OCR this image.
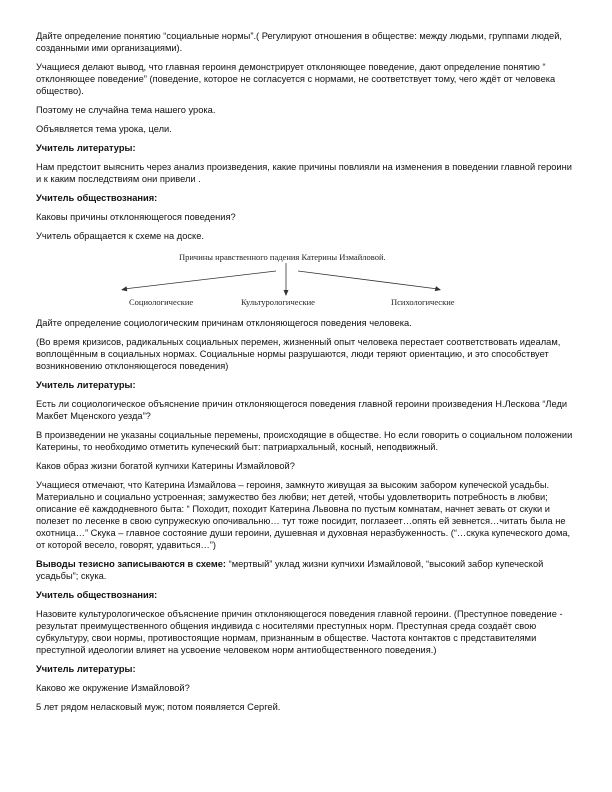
Дайте определение понятию “социальные нормы”.( Регулируют отношения в обществе: между людьми, группами людей, созданными ими организациями).

Учащиеся делают вывод, что главная героиня демонстрирует отклоняющее поведение, дают определение понятию “ отклоняющее поведение” (поведение, которое не согласуется с нормами, не соответствует тому, чего ждёт от человека общество).

Поэтому не случайна тема нашего урока.

Объявляется тема урока, цели.

Учитель литературы:

Нам предстоит выяснить через анализ произведения, какие причины повлияли на изменения в поведении главной героини и к каким последствиям они привели .

Учитель обществознания:

Каковы причины отклоняющегося поведения?

Учитель обращается к схеме на доске.

Причины нравственного падения Катерины Измайловой.
Социологические	Культурологические	Психологические

Дайте определение социологическим причинам отклоняющегося поведения человека.

(Во время кризисов, радикальных социальных перемен, жизненный опыт человека перестает соответствовать идеалам, воплощённым в социальных нормах. Социальные нормы разрушаются, люди теряют ориентацию, и это способствует возникновению отклоняющегося поведения)

Учитель литературы:

Есть ли социологическое объяснение причин отклоняющегося поведения главной героини произведения Н.Лескова “Леди Макбет Мценского уезда”?

В произведении не указаны социальные перемены, происходящие в обществе. Но если говорить о социальном положении Катерины, то необходимо отметить купеческий быт: патриархальный, косный, неподвижный.

Каков образ жизни богатой купчихи Катерины Измайловой?

Учащиеся отмечают, что Катерина Измайлова – героиня, замкнуто живущая за высоким забором купеческой усадьбы. Материально и социально устроенная; замужество без любви; нет детей, чтобы удовлетворить потребность в любви; описание её каждодневного быта: “ Походит, походит Катерина Львовна по пустым комнатам, начнет зевать от скуки и полезет по лесенке в свою супружескую опочивальню… тут тоже посидит, поглазеет…опять ей зевнется…читать была не охотница…” Скука – главное состояние души героини, душевная и духовная неразбуженность. (“…скука купеческого дома, от которой весело, говорят, удавиться…”)

Выводы тезисно записываются в схеме: “мертвый” уклад жизни купчихи Измайловой, “высокий забор купеческой усадьбы”; скука.

Учитель обществознания:

Назовите культурологическое объяснение причин отклоняющегося поведения главной героини. (Преступное поведение - результат преимущественного общения индивида с носителями преступных норм. Преступная среда создаёт свою субкультуру, свои нормы, противостоящие нормам, признанным в обществе. Частота контактов с представителями преступной идеологии влияет на усвоение человеком норм антиобщественного поведения.)

Учитель литературы:

Каково же окружение Измайловой?

5 лет рядом неласковый муж; потом появляется Сергей.
